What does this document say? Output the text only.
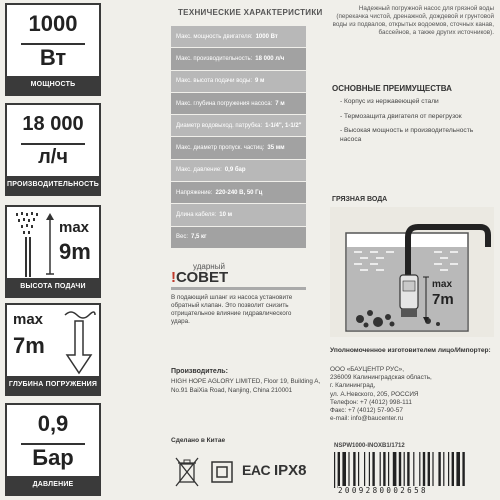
1000
Вт
МОЩНОСТЬ
18 000
л/ч
ПРОИЗВОДИТЕЛЬНОСТЬ
max
9m
ВЫСОТА ПОДАЧИ
max
7m
ГЛУБИНА ПОГРУЖЕНИЯ
0,9
Бар
ДАВЛЕНИЕ
ТЕХНИЧЕСКИЕ ХАРАКТЕРИСТИКИ
Макс. мощность двигателя: 1000 Вт
Макс. производительность: 18 000 л/ч
Макс. высота подачи воды: 9 м
Макс. глубина погружения насоса: 7 м
Диаметр водовыход. патрубка: 1-1/4", 1-1/2"
Макс. диаметр пропуск. частиц: 35 мм
Макс. давление: 0,9 бар
Напряжение: 220-240 В, 50 Гц
Длина кабеля: 10 м
Вес: 7,5 кг
ударный
!СОВЕТ
В подающий шланг из насоса установите обратный клапан. Это позволит снизить отрицательное влияние гидравлического удара.
Надежный погружной насос для грязной воды (перекачка чистой, дренажной, дождевой и грунтовой воды из подвалов, открытых водоемов, сточных канав, бассейнов, а также других источников).
ОСНОВНЫЕ ПРЕИМУЩЕСТВА
- Корпус из нержавеющей стали
- Термозащита двигателя от перегрузок
- Высокая мощность и производительность насоса
ГРЯЗНАЯ ВОДА
max
7m
Производитель:
HIGH HOPE AGLORY LIMITED, Floor 19, Building A, No.91 BaiXia Road, Nanjing, China 210001
Сделано в Китае
Уполномоченное изготовителем лицо/Импортер:
ООО «БАУЦЕНТР РУС»,
236009 Калининградская область,
г. Калининград,
ул. А.Невского, 205, РОССИЯ
Телефон: +7 (4012) 998-111
Факс: +7 (4012) 57-90-57
e-mail: info@baucenter.ru
NSPW1000-INOXB1/1712
EAC IPX8
2009280002658
